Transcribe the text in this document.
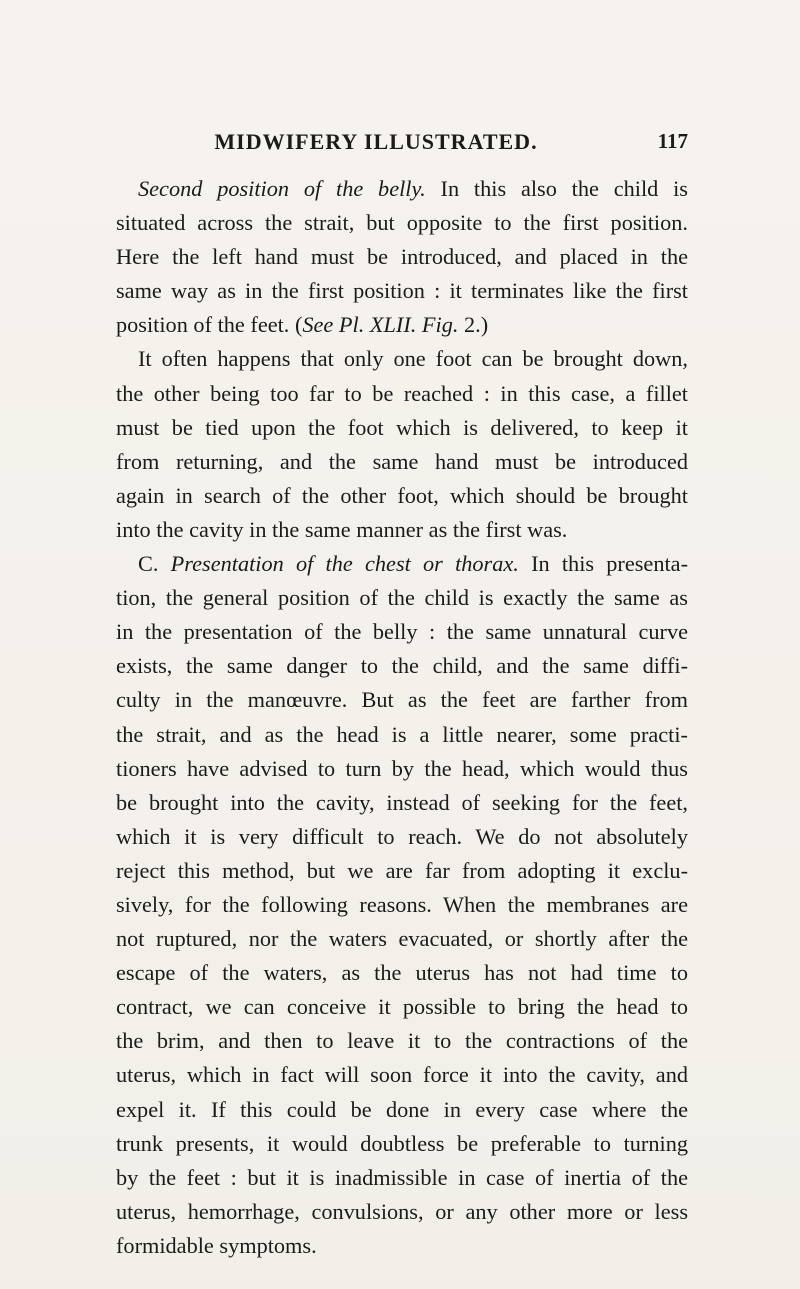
MIDWIFERY ILLUSTRATED.	117
Second position of the belly. In this also the child is
situated across the strait, but opposite to the first position.
Here the left hand must be introduced, and placed in the
same way as in the first position : it terminates like the first
position of the feet. (See Pl. XLII. Fig. 2.)
It often happens that only one foot can be brought down,
the other being too far to be reached : in this case, a fillet
must be tied upon the foot which is delivered, to keep it
from returning, and the same hand must be introduced
again in search of the other foot, which should be brought
into the cavity in the same manner as the first was.
C. Presentation of the chest or thorax. In this presenta-
tion, the general position of the child is exactly the same as
in the presentation of the belly : the same unnatural curve
exists, the same danger to the child, and the same diffi-
culty in the manœuvre. But as the feet are farther from
the strait, and as the head is a little nearer, some practi-
tioners have advised to turn by the head, which would thus
be brought into the cavity, instead of seeking for the feet,
which it is very difficult to reach. We do not absolutely
reject this method, but we are far from adopting it exclu-
sively, for the following reasons. When the membranes are
not ruptured, nor the waters evacuated, or shortly after the
escape of the waters, as the uterus has not had time to
contract, we can conceive it possible to bring the head to
the brim, and then to leave it to the contractions of the
uterus, which in fact will soon force it into the cavity, and
expel it. If this could be done in every case where the
trunk presents, it would doubtless be preferable to turning
by the feet : but it is inadmissible in case of inertia of the
uterus, hemorrhage, convulsions, or any other more or less
formidable symptoms.
